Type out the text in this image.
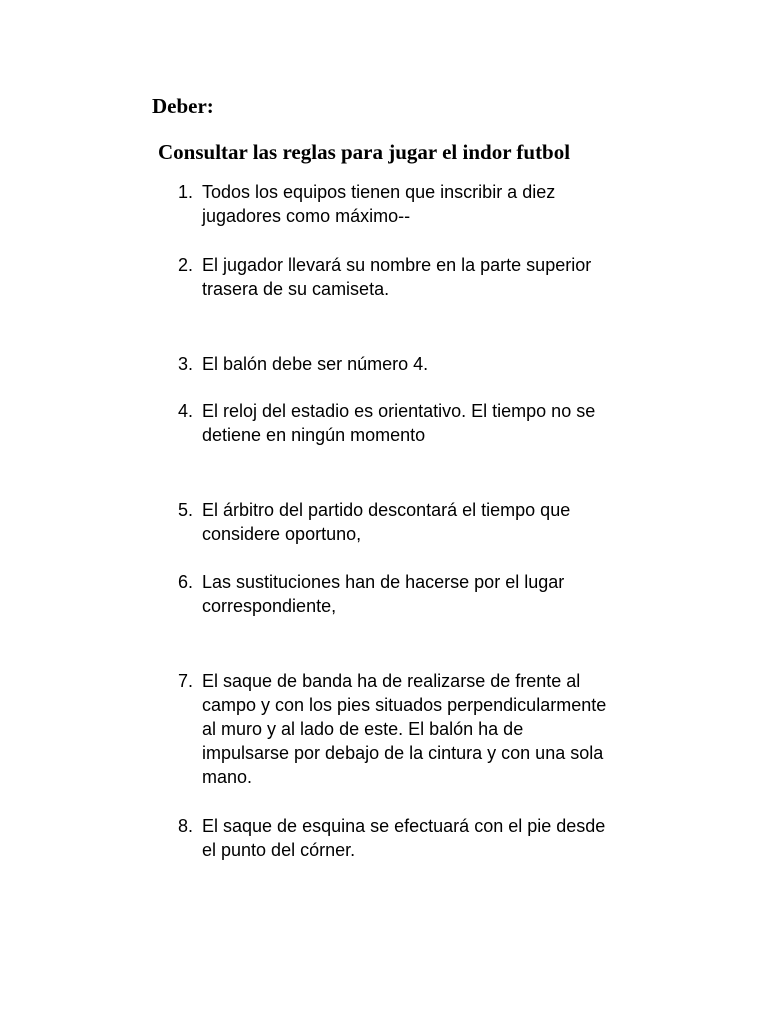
Deber:
Consultar las reglas para jugar el indor futbol
1. Todos los equipos tienen que inscribir a diez
jugadores como máximo--
2. El jugador llevará su nombre en la parte superior
trasera de su camiseta.
3. El balón debe ser número 4.
4. El reloj del estadio es orientativo. El tiempo no se
detiene en ningún momento
5. El árbitro del partido descontará el tiempo que
considere oportuno,
6. Las sustituciones han de hacerse por el lugar
correspondiente,
7. El saque de banda ha de realizarse de frente al
campo y con los pies situados perpendicularmente
al muro y al lado de este. El balón ha de
impulsarse por debajo de la cintura y con una sola
mano.
8. El saque de esquina se efectuará con el pie desde
el punto del córner.
